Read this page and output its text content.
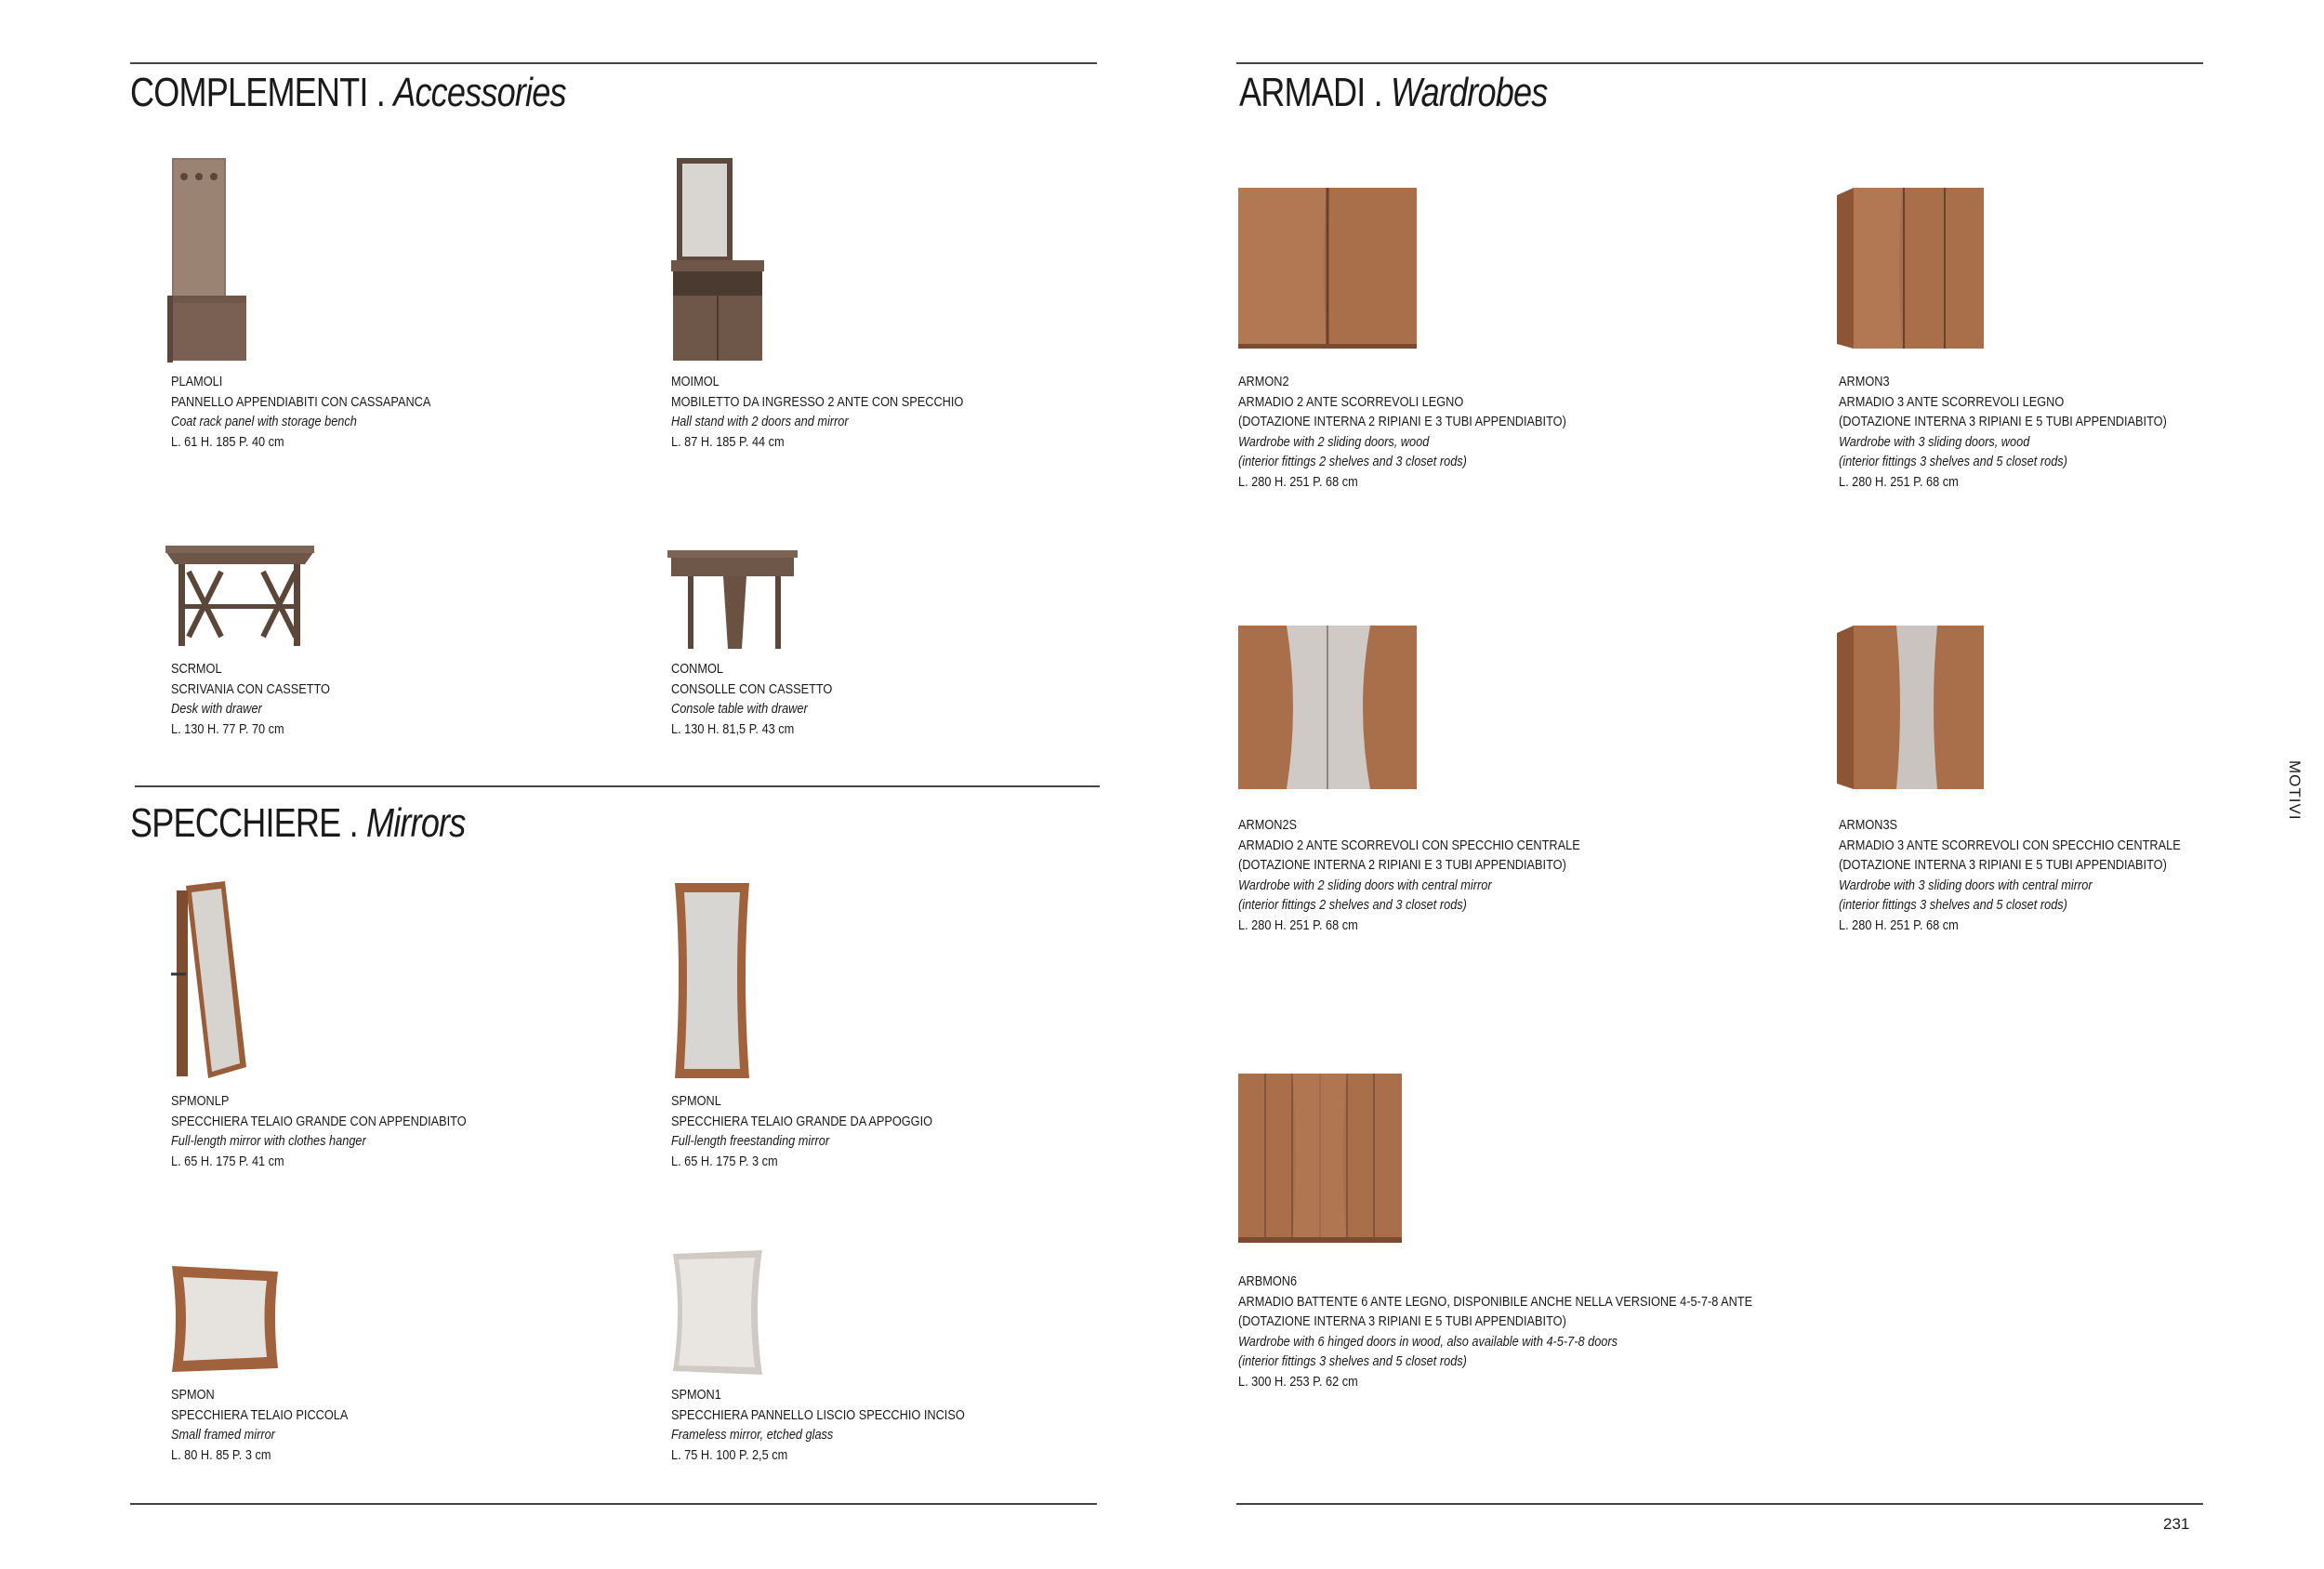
COMPLEMENTI . Accessories
SPECCHIERE . Mirrors
ARMADI . Wardrobes
PLAMOLI
PANNELLO APPENDIABITI CON CASSAPANCA
Coat rack panel with storage bench
L. 61 H. 185 P. 40 cm
MOIMOL
MOBILETTO DA INGRESSO 2 ANTE CON SPECCHIO
Hall stand with 2 doors and mirror
L. 87 H. 185 P. 44 cm
SCRMOL
SCRIVANIA CON CASSETTO
Desk with drawer
L. 130 H. 77 P. 70 cm
CONMOL
CONSOLLE CON CASSETTO
Console table with drawer
L. 130 H. 81,5 P. 43 cm
SPMONLP
SPECCHIERA TELAIO GRANDE CON APPENDIABITO
Full-length mirror with clothes hanger
L. 65 H. 175 P. 41 cm
SPMONL
SPECCHIERA TELAIO GRANDE DA APPOGGIO
Full-length freestanding mirror
L. 65 H. 175 P. 3 cm
SPMON
SPECCHIERA TELAIO PICCOLA
Small framed mirror
L. 80 H. 85 P. 3 cm
SPMON1
SPECCHIERA PANNELLO LISCIO SPECCHIO INCISO
Frameless mirror, etched glass
L. 75 H. 100 P. 2,5 cm
ARMON2
ARMADIO 2 ANTE SCORREVOLI LEGNO
(DOTAZIONE INTERNA 2 RIPIANI E 3 TUBI APPENDIABITO)
Wardrobe with 2 sliding doors, wood
(interior fittings 2 shelves and 3 closet rods)
L. 280 H. 251 P. 68 cm
ARMON3
ARMADIO 3 ANTE SCORREVOLI LEGNO
(DOTAZIONE INTERNA 3 RIPIANI E 5 TUBI APPENDIABITO)
Wardrobe with 3 sliding doors, wood
(interior fittings 3 shelves and 5 closet rods)
L. 280 H. 251 P. 68 cm
ARMON2S
ARMADIO 2 ANTE SCORREVOLI CON SPECCHIO CENTRALE
(DOTAZIONE INTERNA 2 RIPIANI E 3 TUBI APPENDIABITO)
Wardrobe with 2 sliding doors with central mirror
(interior fittings 2 shelves and 3 closet rods)
L. 280 H. 251 P. 68 cm
ARMON3S
ARMADIO 3 ANTE SCORREVOLI CON SPECCHIO CENTRALE
(DOTAZIONE INTERNA 3 RIPIANI E 5 TUBI APPENDIABITO)
Wardrobe with 3 sliding doors with central mirror
(interior fittings 3 shelves and 5 closet rods)
L. 280 H. 251 P. 68 cm
ARBMON6
ARMADIO BATTENTE 6 ANTE LEGNO, DISPONIBILE ANCHE NELLA VERSIONE 4-5-7-8 ANTE
(DOTAZIONE INTERNA 3 RIPIANI E 5 TUBI APPENDIABITO)
Wardrobe with 6 hinged doors in wood, also available with 4-5-7-8 doors
(interior fittings 3 shelves and 5 closet rods)
L. 300 H. 253 P. 62 cm
MOTIVI
231
